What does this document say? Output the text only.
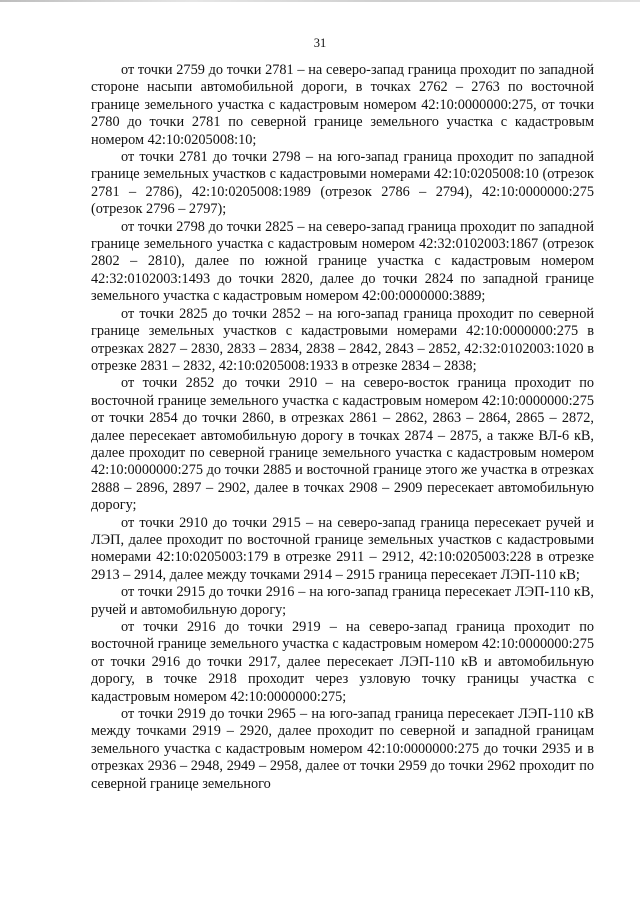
31

от точки 2759 до точки 2781 – на северо-запад граница проходит по западной стороне насыпи автомобильной дороги, в точках 2762 – 2763 по восточной границе земельного участка с кадастровым номером 42:10:0000000:275, от точки 2780 до точки 2781 по северной границе земельного участка с кадастровым номером 42:10:0205008:10;

от точки 2781 до точки 2798 – на юго-запад граница проходит по западной границе земельных участков с кадастровыми номерами 42:10:0205008:10 (отрезок 2781 – 2786), 42:10:0205008:1989 (отрезок 2786 – 2794), 42:10:0000000:275 (отрезок 2796 – 2797);

от точки 2798 до точки 2825 – на северо-запад граница проходит по западной границе земельного участка с кадастровым номером 42:32:0102003:1867 (отрезок 2802 – 2810), далее по южной границе участка с кадастровым номером 42:32:0102003:1493 до точки 2820, далее до точки 2824 по западной границе земельного участка с кадастровым номером 42:00:0000000:3889;

от точки 2825 до точки 2852 – на юго-запад граница проходит по северной границе земельных участков с кадастровыми номерами 42:10:0000000:275 в отрезках 2827 – 2830, 2833 – 2834, 2838 – 2842, 2843 – 2852, 42:32:0102003:1020 в отрезке 2831 – 2832, 42:10:0205008:1933 в отрезке 2834 – 2838;

от точки 2852 до точки 2910 – на северо-восток граница проходит по восточной границе земельного участка с кадастровым номером 42:10:0000000:275 от точки 2854 до точки 2860, в отрезках 2861 – 2862, 2863 – 2864, 2865 – 2872, далее пересекает автомобильную дорогу в точках 2874 – 2875, а также ВЛ-6 кВ, далее проходит по северной границе земельного участка с кадастровым номером 42:10:0000000:275 до точки 2885 и восточной границе этого же участка в отрезках 2888 – 2896, 2897 – 2902, далее в точках 2908 – 2909 пересекает автомобильную дорогу;

от точки 2910 до точки 2915 – на северо-запад граница пересекает ручей и ЛЭП, далее проходит по восточной границе земельных участков с кадастровыми номерами 42:10:0205003:179 в отрезке 2911 – 2912, 42:10:0205003:228 в отрезке 2913 – 2914, далее между точками 2914 – 2915 граница пересекает ЛЭП-110 кВ;

от точки 2915 до точки 2916 – на юго-запад граница пересекает ЛЭП-110 кВ, ручей и автомобильную дорогу;

от точки 2916 до точки 2919 – на северо-запад граница проходит по восточной границе земельного участка с кадастровым номером 42:10:0000000:275 от точки 2916 до точки 2917, далее пересекает ЛЭП-110 кВ и автомобильную дорогу, в точке 2918 проходит через узловую точку границы участка с кадастровым номером 42:10:0000000:275;

от точки 2919 до точки 2965 – на юго-запад граница пересекает ЛЭП-110 кВ между точками 2919 – 2920, далее проходит по северной и западной границам земельного участка с кадастровым номером 42:10:0000000:275 до точки 2935 и в отрезках 2936 – 2948, 2949 – 2958, далее от точки 2959 до точки 2962 проходит по северной границе земельного
